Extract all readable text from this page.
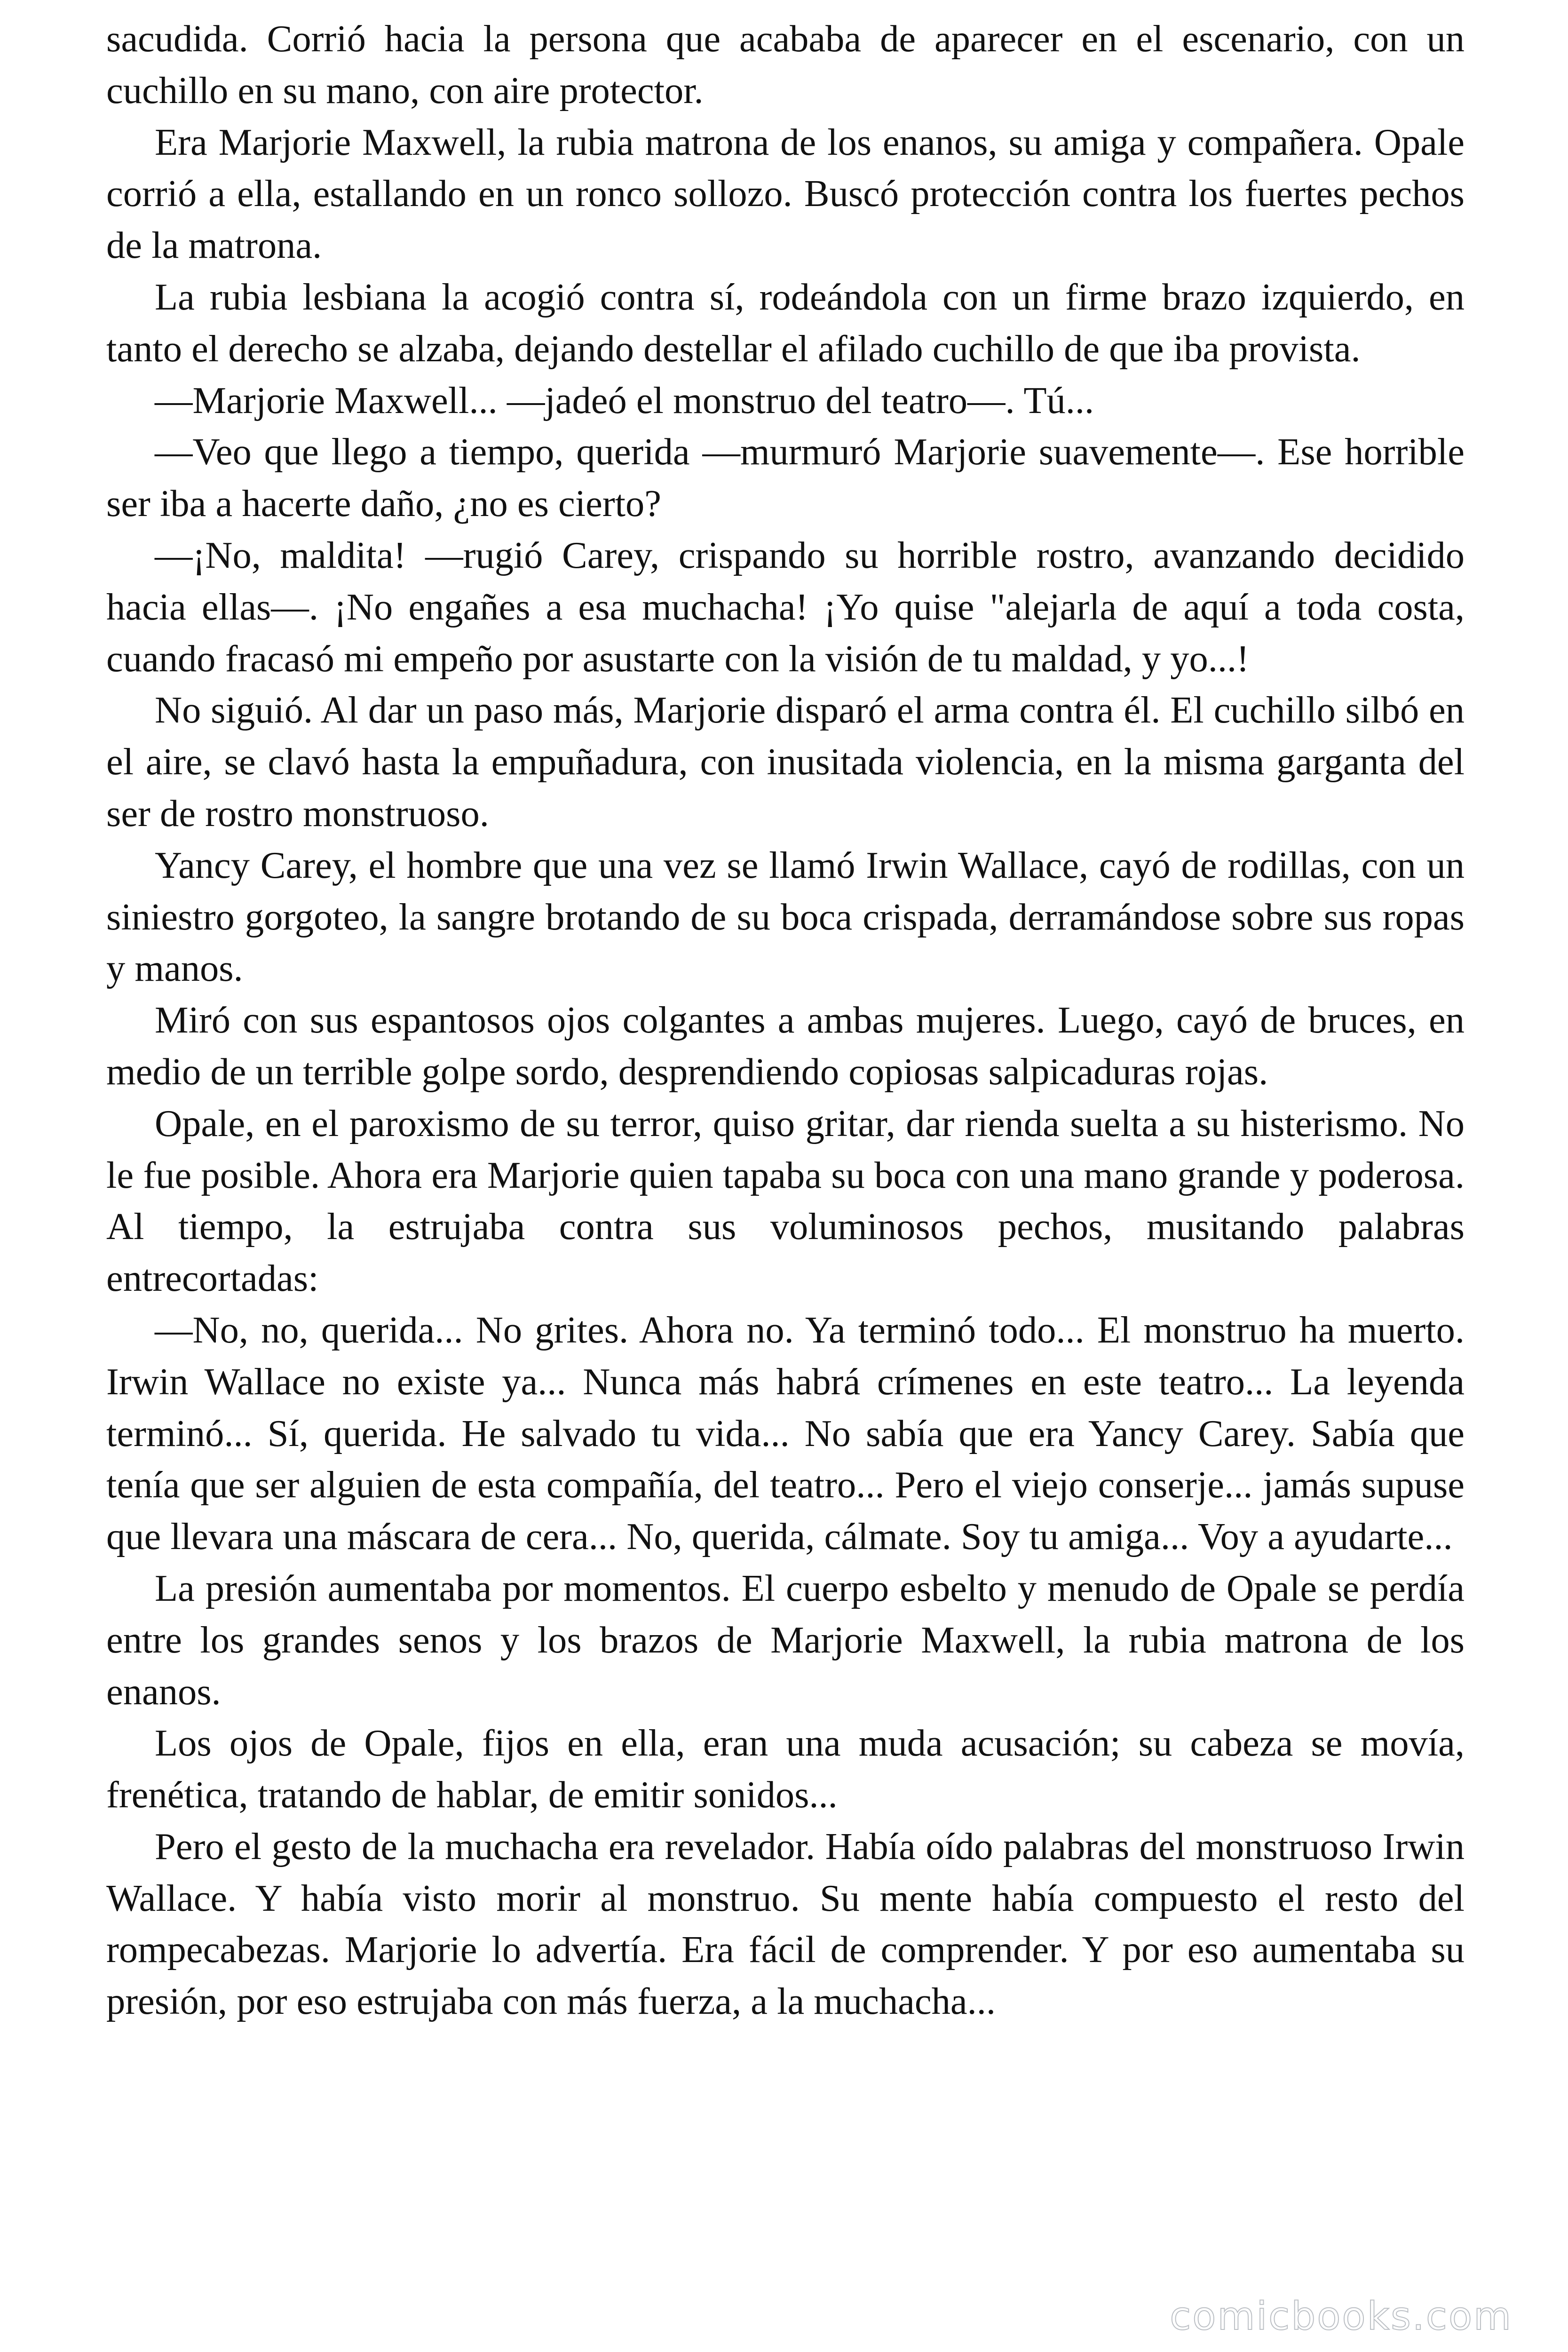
sacudida. Corrió hacia la persona que acababa de aparecer en el escenario, con un cuchillo en su mano, con aire protector.

Era Marjorie Maxwell, la rubia matrona de los enanos, su amiga y compañera. Opale corrió a ella, estallando en un ronco sollozo. Buscó protección contra los fuertes pechos de la matrona.

La rubia lesbiana la acogió contra sí, rodeándola con un firme brazo izquierdo, en tanto el derecho se alzaba, dejando destellar el afilado cuchillo de que iba provista.

—Marjorie Maxwell... —jadeó el monstruo del teatro—. Tú...

—Veo que llego a tiempo, querida —murmuró Marjorie suavemente—. Ese horrible ser iba a hacerte daño, ¿no es cierto?

—¡No, maldita! —rugió Carey, crispando su horrible rostro, avanzando decidido hacia ellas—. ¡No engañes a esa muchacha! ¡Yo quise "alejarla de aquí a toda costa, cuando fracasó mi empeño por asustarte con la visión de tu maldad, y yo...!

No siguió. Al dar un paso más, Marjorie disparó el arma contra él. El cuchillo silbó en el aire, se clavó hasta la empuñadura, con inusitada violencia, en la misma garganta del ser de rostro monstruoso.

Yancy Carey, el hombre que una vez se llamó Irwin Wallace, cayó de rodillas, con un siniestro gorgoteo, la sangre brotando de su boca crispada, derramándose sobre sus ropas y manos.

Miró con sus espantosos ojos colgantes a ambas mujeres. Luego, cayó de bruces, en medio de un terrible golpe sordo, desprendiendo copiosas salpicaduras rojas.

Opale, en el paroxismo de su terror, quiso gritar, dar rienda suelta a su histerismo. No le fue posible. Ahora era Marjorie quien tapaba su boca con una mano grande y poderosa. Al tiempo, la estrujaba contra sus voluminosos pechos, musitando palabras entrecortadas:

—No, no, querida... No grites. Ahora no. Ya terminó todo... El monstruo ha muerto. Irwin Wallace no existe ya... Nunca más habrá crímenes en este teatro... La leyenda terminó... Sí, querida. He salvado tu vida... No sabía que era Yancy Carey. Sabía que tenía que ser alguien de esta compañía, del teatro... Pero el viejo conserje... jamás supuse que llevara una máscara de cera... No, querida, cálmate. Soy tu amiga... Voy a ayudarte...

La presión aumentaba por momentos. El cuerpo esbelto y menudo de Opale se perdía entre los grandes senos y los brazos de Marjorie Maxwell, la rubia matrona de los enanos.

Los ojos de Opale, fijos en ella, eran una muda acusación; su cabeza se movía, frenética, tratando de hablar, de emitir sonidos...

Pero el gesto de la muchacha era revelador. Había oído palabras del monstruoso Irwin Wallace. Y había visto morir al monstruo. Su mente había compuesto el resto del rompecabezas. Marjorie lo advertía. Era fácil de comprender. Y por eso aumentaba su presión, por eso estrujaba con más fuerza, a la muchacha...

comicbooks.com
